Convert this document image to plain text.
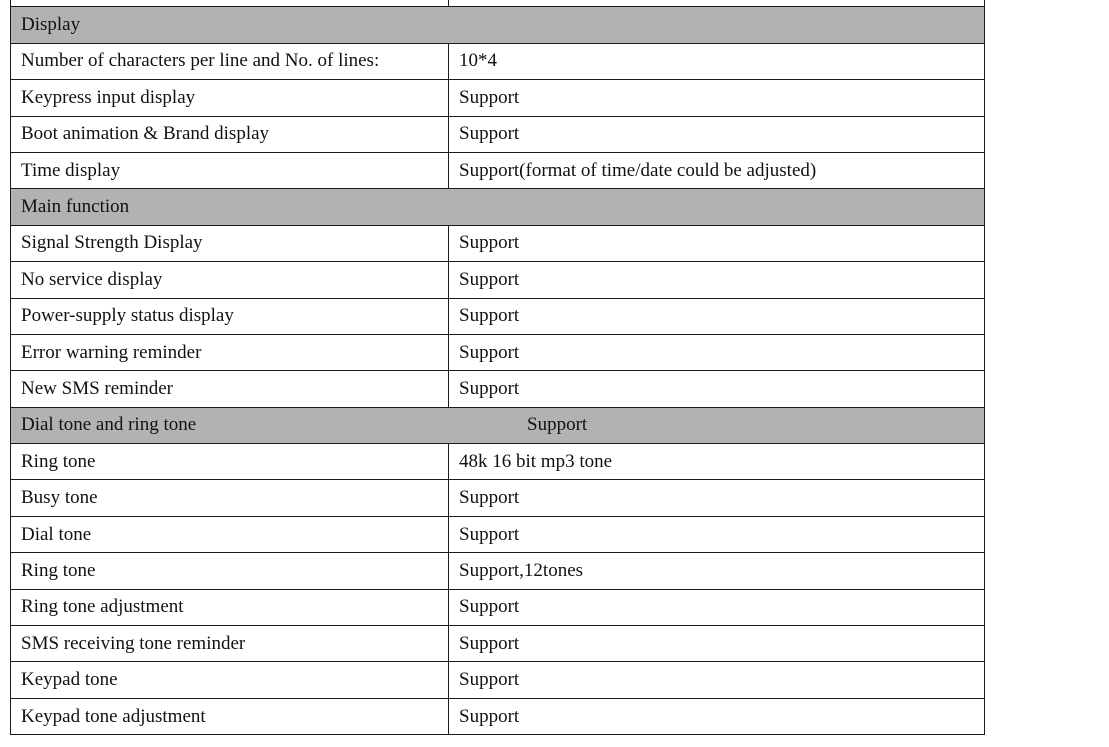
Display	

Number of characters per line and No. of lines:	10*4
Keypress input display	Support
Boot animation & Brand display	Support
Time display	Support(format of time/date could be adjusted)
Main function	

Signal Strength Display	Support
No service display	Support
Power-supply status display	Support
Error warning reminder	Support
New SMS reminder	Support
Dial tone and ring tone Support	

Ring tone	48k 16 bit mp3 tone
Busy tone	Support
Dial tone	Support
Ring tone	Support,12tones
Ring tone adjustment	Support
SMS receiving tone reminder	Support
Keypad tone	Support
Keypad tone adjustment	Support
